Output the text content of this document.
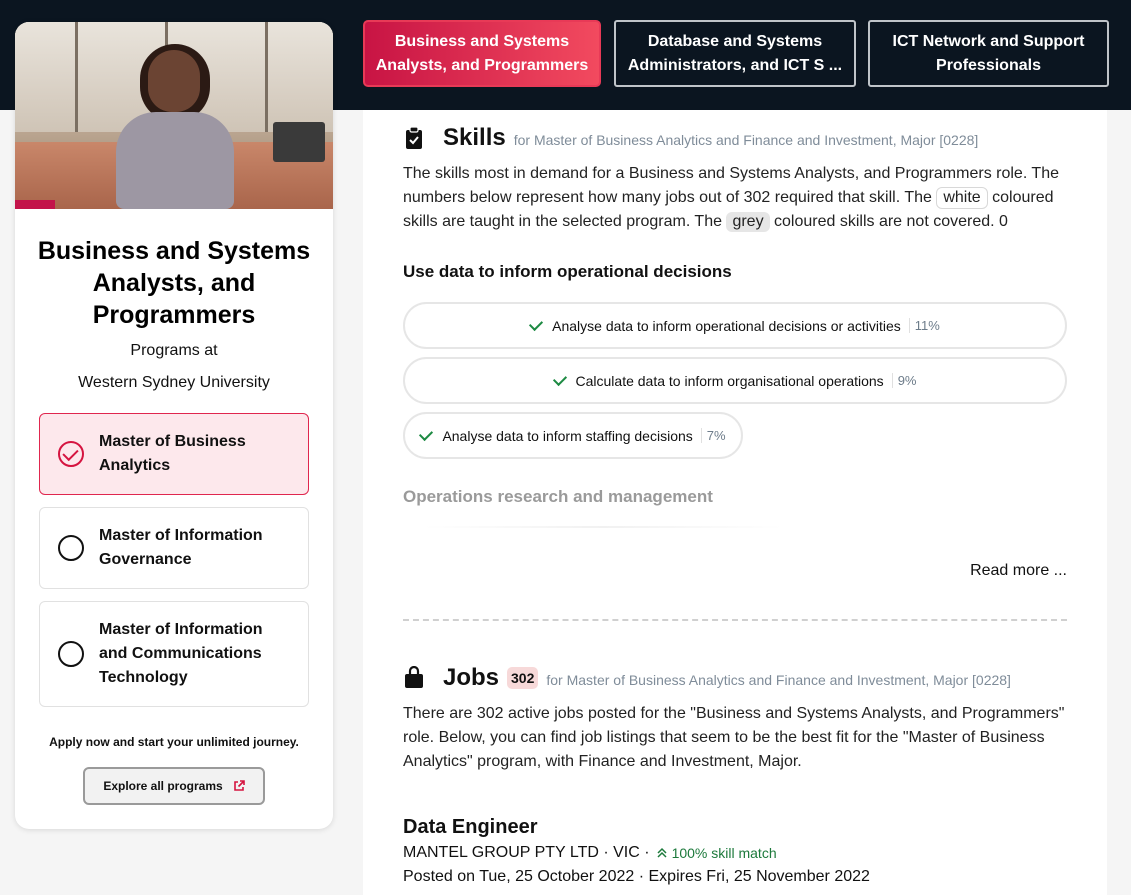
Business and Systems Analysts, and Programmers
Database and Systems Administrators, and ICT S ...
ICT Network and Support Professionals
Business and Systems Analysts, and Programmers
Programs at
Western Sydney University
Master of Business Analytics
Master of Information Governance
Master of Information and Communications Technology
Apply now and start your unlimited journey.
Explore all programs
Skills for Master of Business Analytics and Finance and Investment, Major [0228]
The skills most in demand for a Business and Systems Analysts, and Programmers role. The numbers below represent how many jobs out of 302 required that skill. The white coloured skills are taught in the selected program. The grey coloured skills are not covered. 0
Use data to inform operational decisions
Analyse data to inform operational decisions or activities	11%
Calculate data to inform organisational operations	9%
Analyse data to inform staffing decisions	7%
Operations research and management
Read more ...
Jobs 302 for Master of Business Analytics and Finance and Investment, Major [0228]
There are 302 active jobs posted for the "Business and Systems Analysts, and Programmers" role. Below, you can find job listings that seem to be the best fit for the "Master of Business Analytics" program, with Finance and Investment, Major.
Data Engineer
MANTEL GROUP PTY LTD · VIC · 100% skill match
Posted on Tue, 25 October 2022 · Expires Fri, 25 November 2022
